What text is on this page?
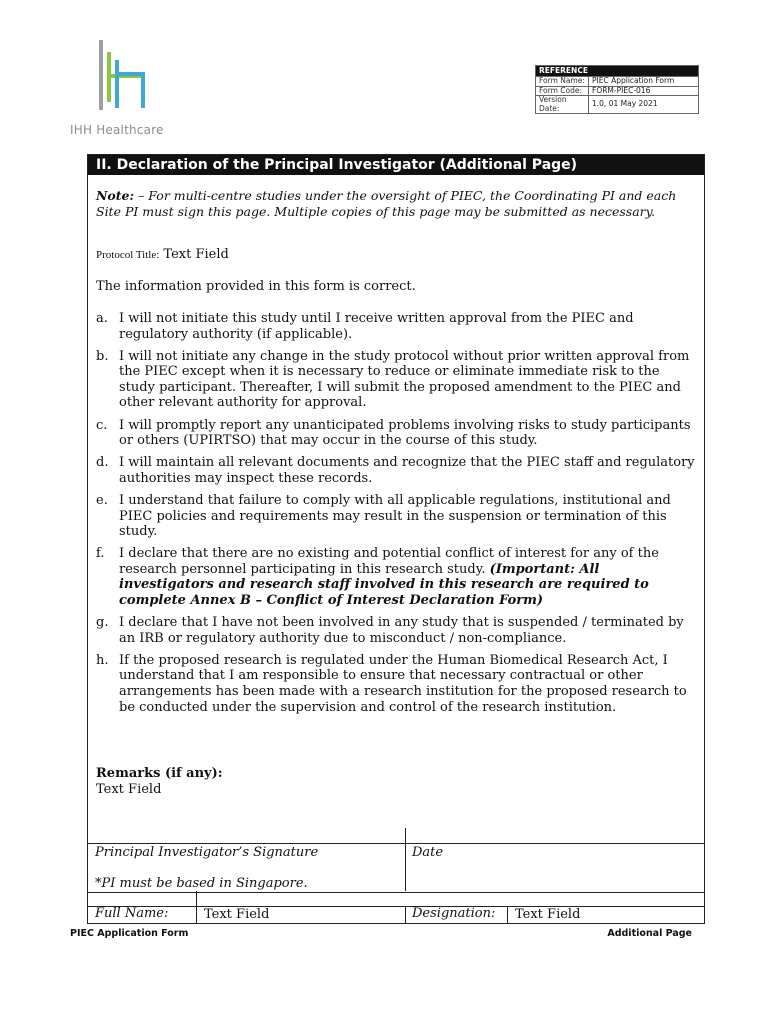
IHH Healthcare
REFERENCE	
Form Name:	PIEC Application Form
Form Code:	FORM-PIEC-016
Version Date:	1.0, 01 May 2021
II. Declaration of the Principal Investigator (Additional Page)
Note: – For multi-centre studies under the oversight of PIEC, the Coordinating PI and each Site PI must sign this page. Multiple copies of this page may be submitted as necessary.
Protocol Title: Text Field
The information provided in this form is correct.
a. I will not initiate this study until I receive written approval from the PIEC and regulatory authority (if applicable).
b. I will not initiate any change in the study protocol without prior written approval from the PIEC except when it is necessary to reduce or eliminate immediate risk to the study participant. Thereafter, I will submit the proposed amendment to the PIEC and other relevant authority for approval.
c. I will promptly report any unanticipated problems involving risks to study participants or others (UPIRTSO) that may occur in the course of this study.
d. I will maintain all relevant documents and recognize that the PIEC staff and regulatory authorities may inspect these records.
e. I understand that failure to comply with all applicable regulations, institutional and PIEC policies and requirements may result in the suspension or termination of this study.
f. I declare that there are no existing and potential conflict of interest for any of the research personnel participating in this research study. (Important: All investigators and research staff involved in this research are required to complete Annex B – Conflict of Interest Declaration Form)
g. I declare that I have not been involved in any study that is suspended / terminated by an IRB or regulatory authority due to misconduct / non-compliance.
h. If the proposed research is regulated under the Human Biomedical Research Act, I understand that I am responsible to ensure that necessary contractual or other arrangements has been made with a research institution for the proposed research to be conducted under the supervision and control of the research institution.
Remarks (if any):
Text Field
Principal Investigator’s Signature
*PI must be based in Singapore.
Date
Full Name:	Text Field	Designation: Text Field
PIEC Application Form	Additional Page
